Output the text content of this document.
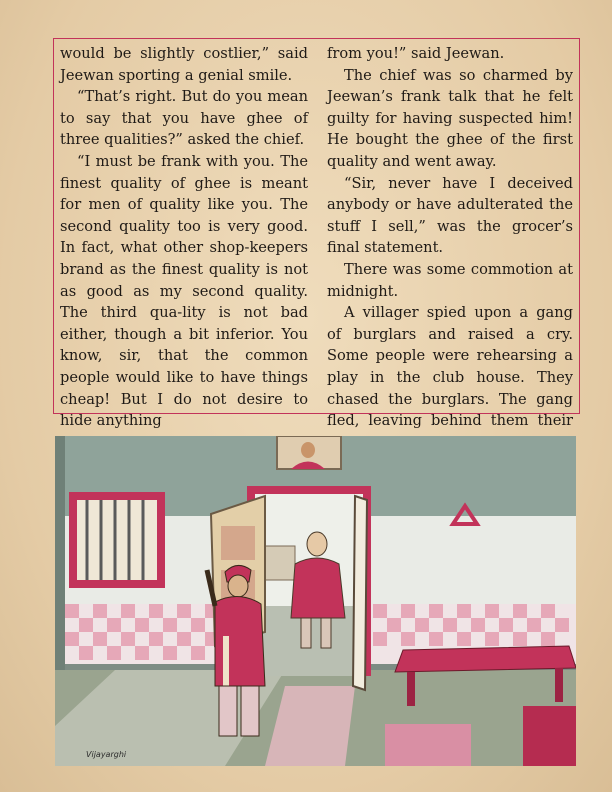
would be slightly costlier,” said Jeewan sporting a genial smile.

“That’s right. But do you mean to say that you have ghee of three qualities?” asked the chief.

“I must be frank with you. The finest quality of ghee is meant for men of quality like you. The second quality too is very good. In fact, what other shop-keepers brand as the finest quality is not as good as my second quality. The third qua-lity is not bad either, though a bit inferior. You know, sir, that the common people would like to have things cheap! But I do not desire to hide anything

from you!” said Jeewan.

The chief was so charmed by Jeewan’s frank talk that he felt guilty for having suspected him! He bought the ghee of the first quality and went away.

“Sir, never have I deceived anybody or have adulterated the stuff I sell,” was the grocer’s final statement.

There was some commotion at midnight.

A villager spied upon a gang of burglars and raised a cry. Some people were rehearsing a play in the club house. They chased the burglars. The gang fled, leaving behind them their

Vijayarghi
